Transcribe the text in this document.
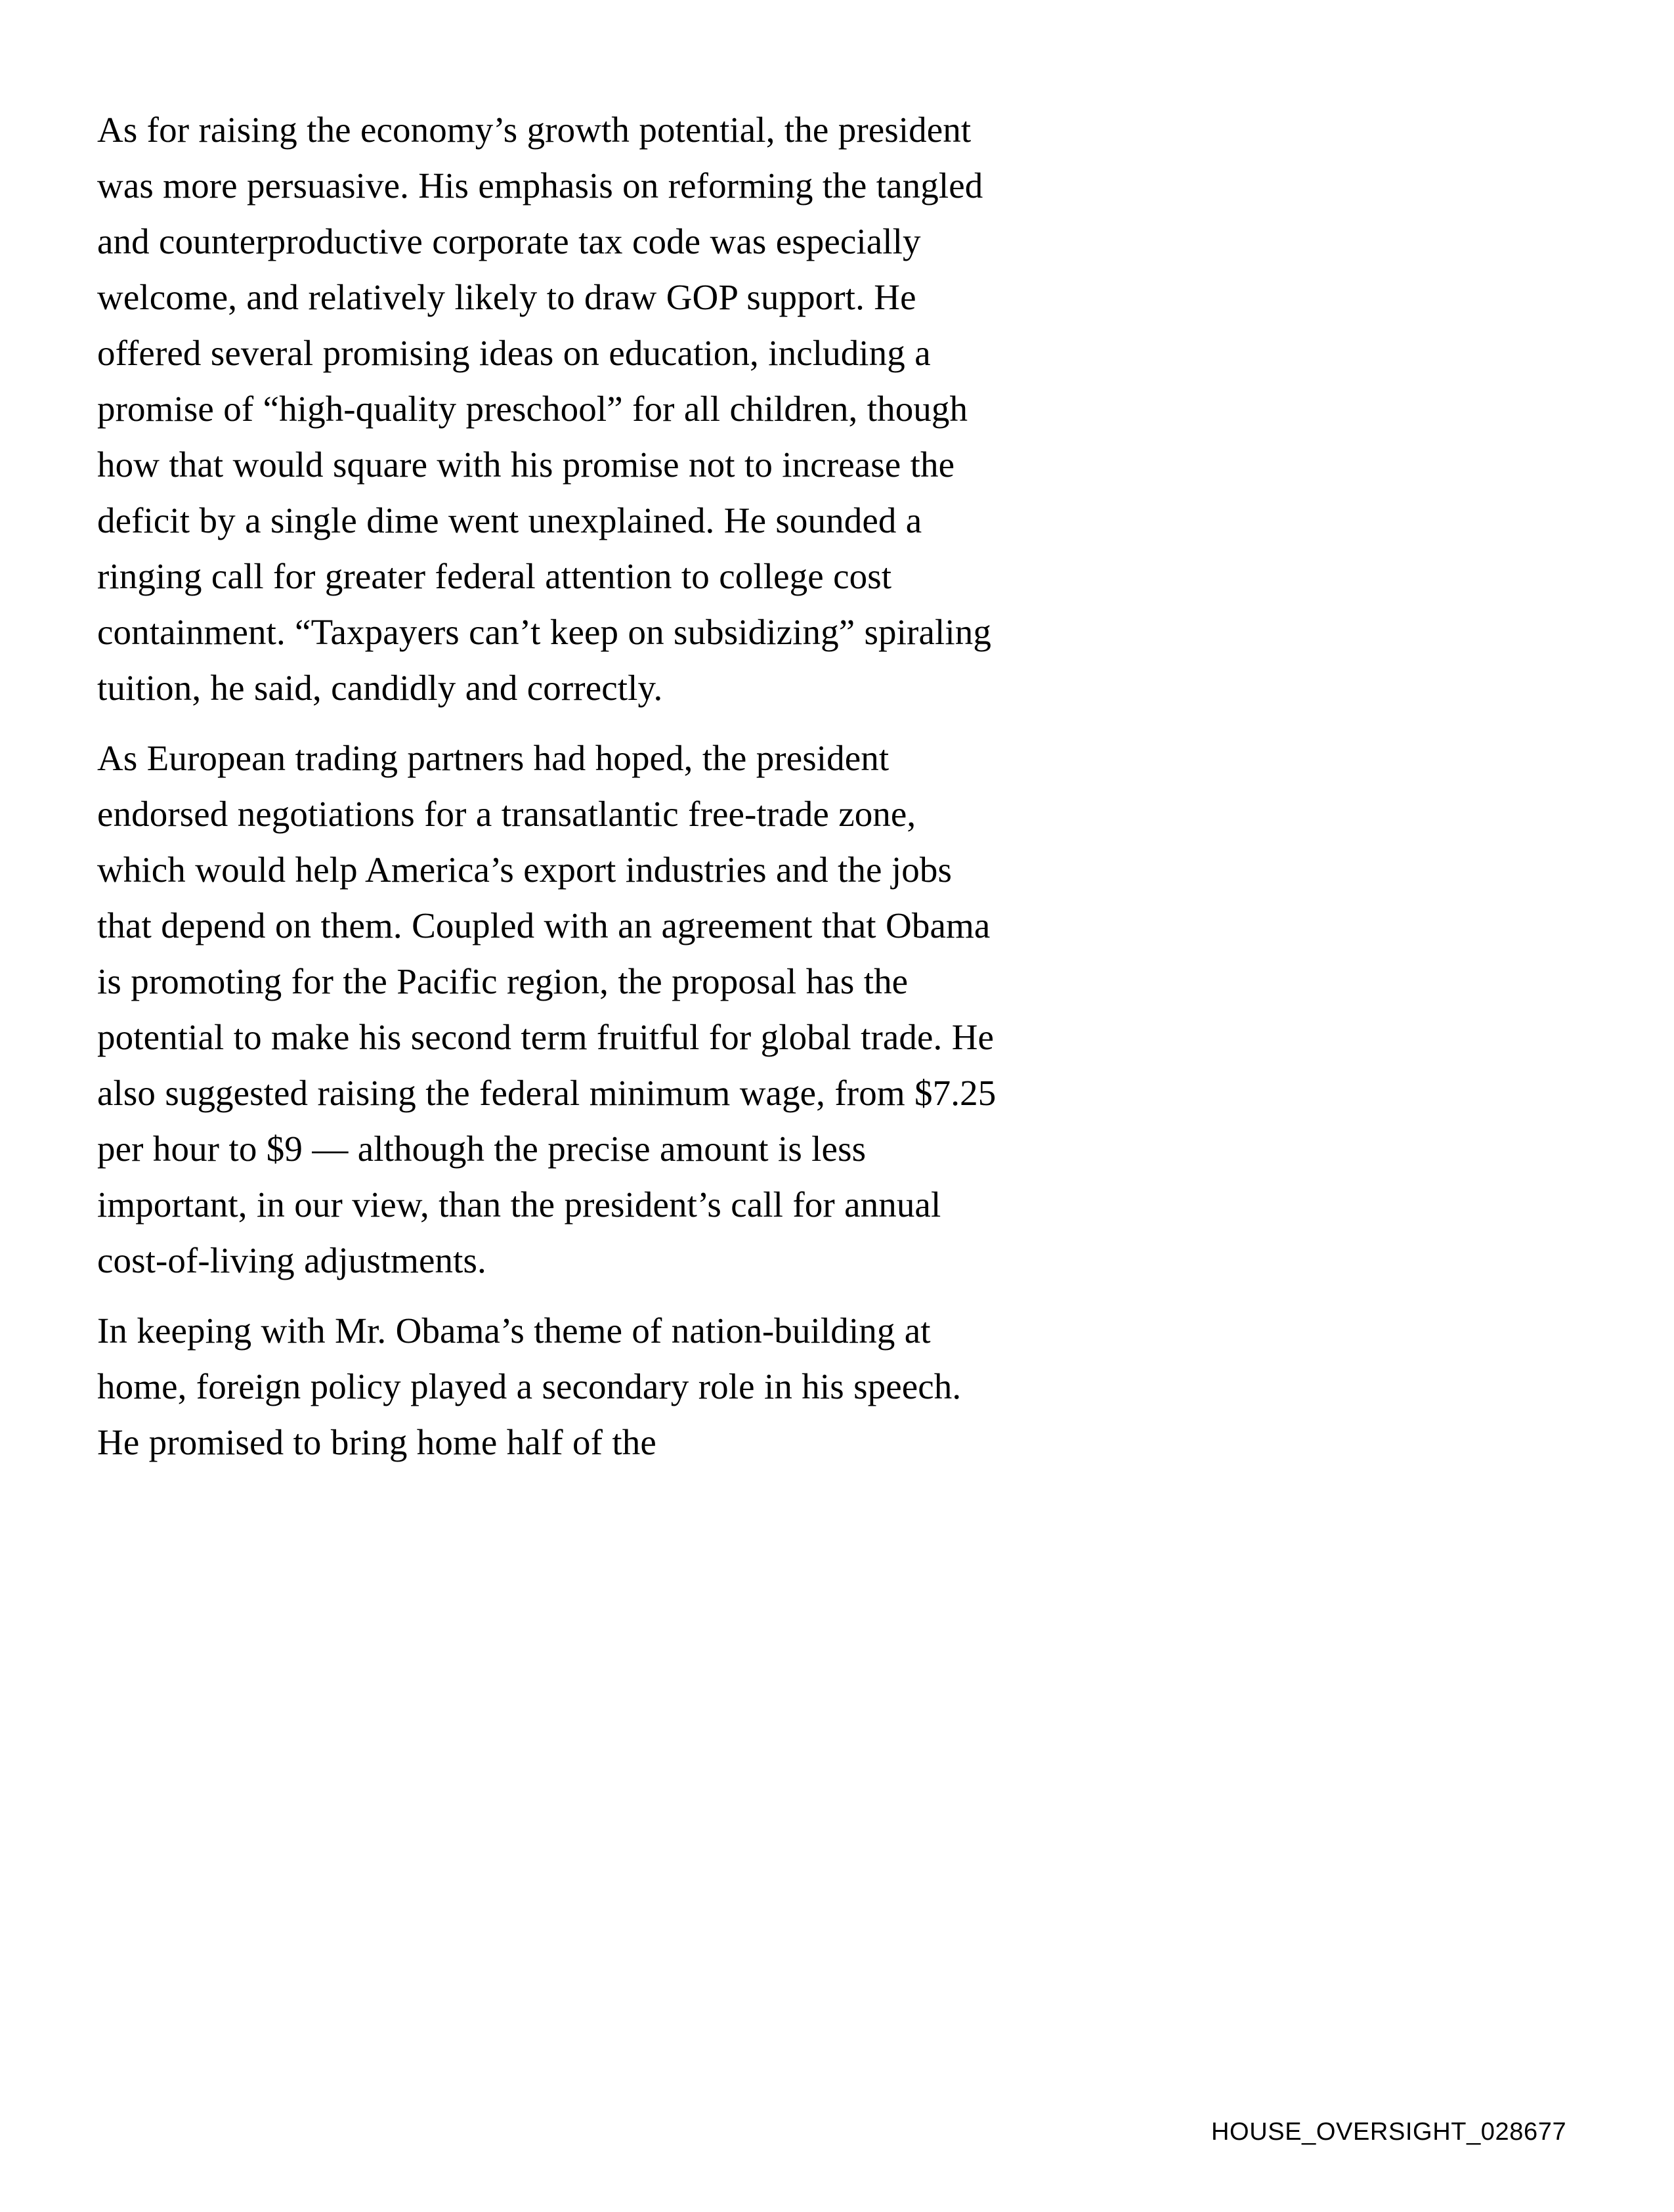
As for raising the economy’s growth potential, the president was more persuasive. His emphasis on reforming the tangled and counterproductive corporate tax code was especially welcome, and relatively likely to draw GOP support. He offered several promising ideas on education, including a promise of “high-quality preschool” for all children, though how that would square with his promise not to increase the deficit by a single dime went unexplained. He sounded a ringing call for greater federal attention to college cost containment. “Taxpayers can’t keep on subsidizing” spiraling tuition, he said, candidly and correctly.

As European trading partners had hoped, the president endorsed negotiations for a transatlantic free-trade zone, which would help America’s export industries and the jobs that depend on them. Coupled with an agreement that Obama is promoting for the Pacific region, the proposal has the potential to make his second term fruitful for global trade. He also suggested raising the federal minimum wage, from $7.25 per hour to $9 — although the precise amount is less important, in our view, than the president’s call for annual cost-of-living adjustments.

In keeping with Mr. Obama’s theme of nation-building at home, foreign policy played a secondary role in his speech. He promised to bring home half of the

HOUSE_OVERSIGHT_028677
